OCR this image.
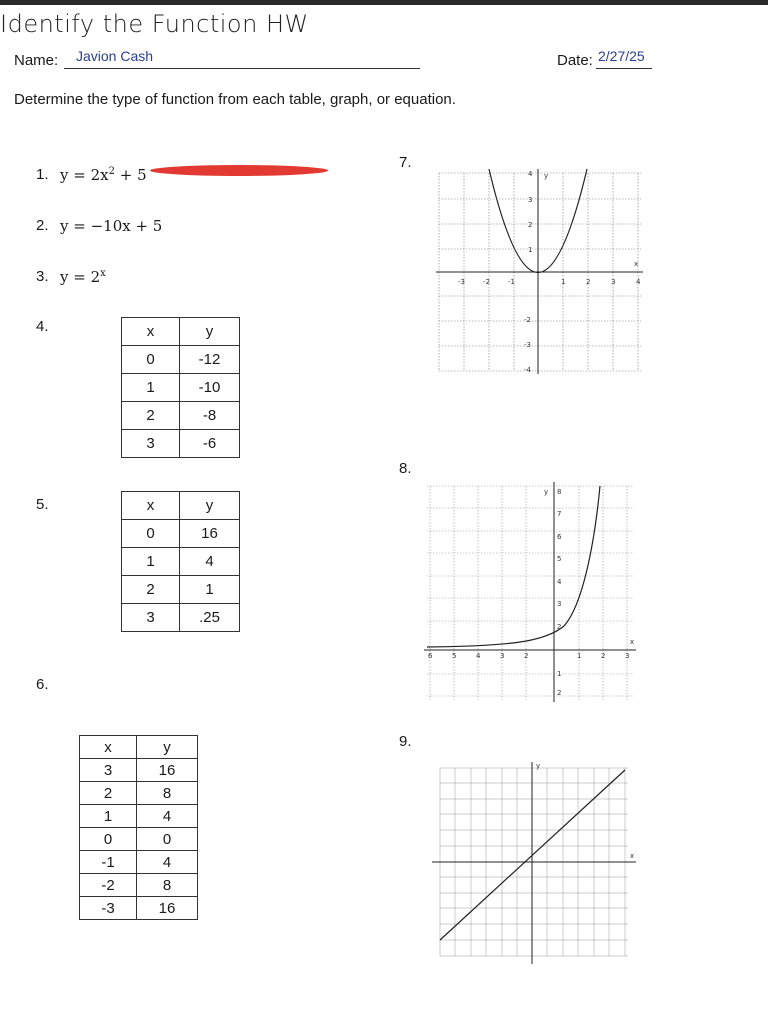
Identify the Function HW
Name: Javion Cash	Date: 2/27/25
Determine the type of function from each table, graph, or equation.
1. $y = 2x^2 + 5$
2. y = −10x + 5
3. $y = 2^x$
4.	x	y
0	-12
1	-10
2	-8
3	-6
5.	x	y
0	16
1	4
2	1
3	.25
6.
x	y
3	16
2	8
1	4
0	0
-1	4
-2	8
-3	16
7.
x
y
-3	-2	-1	1	2	3	4
4
3
2
1
-2
-3
-4
8.
x
y
6	5	4	3	2	1	2	3
7
8
6
5
4
3
2
1
2
9.
x
y
